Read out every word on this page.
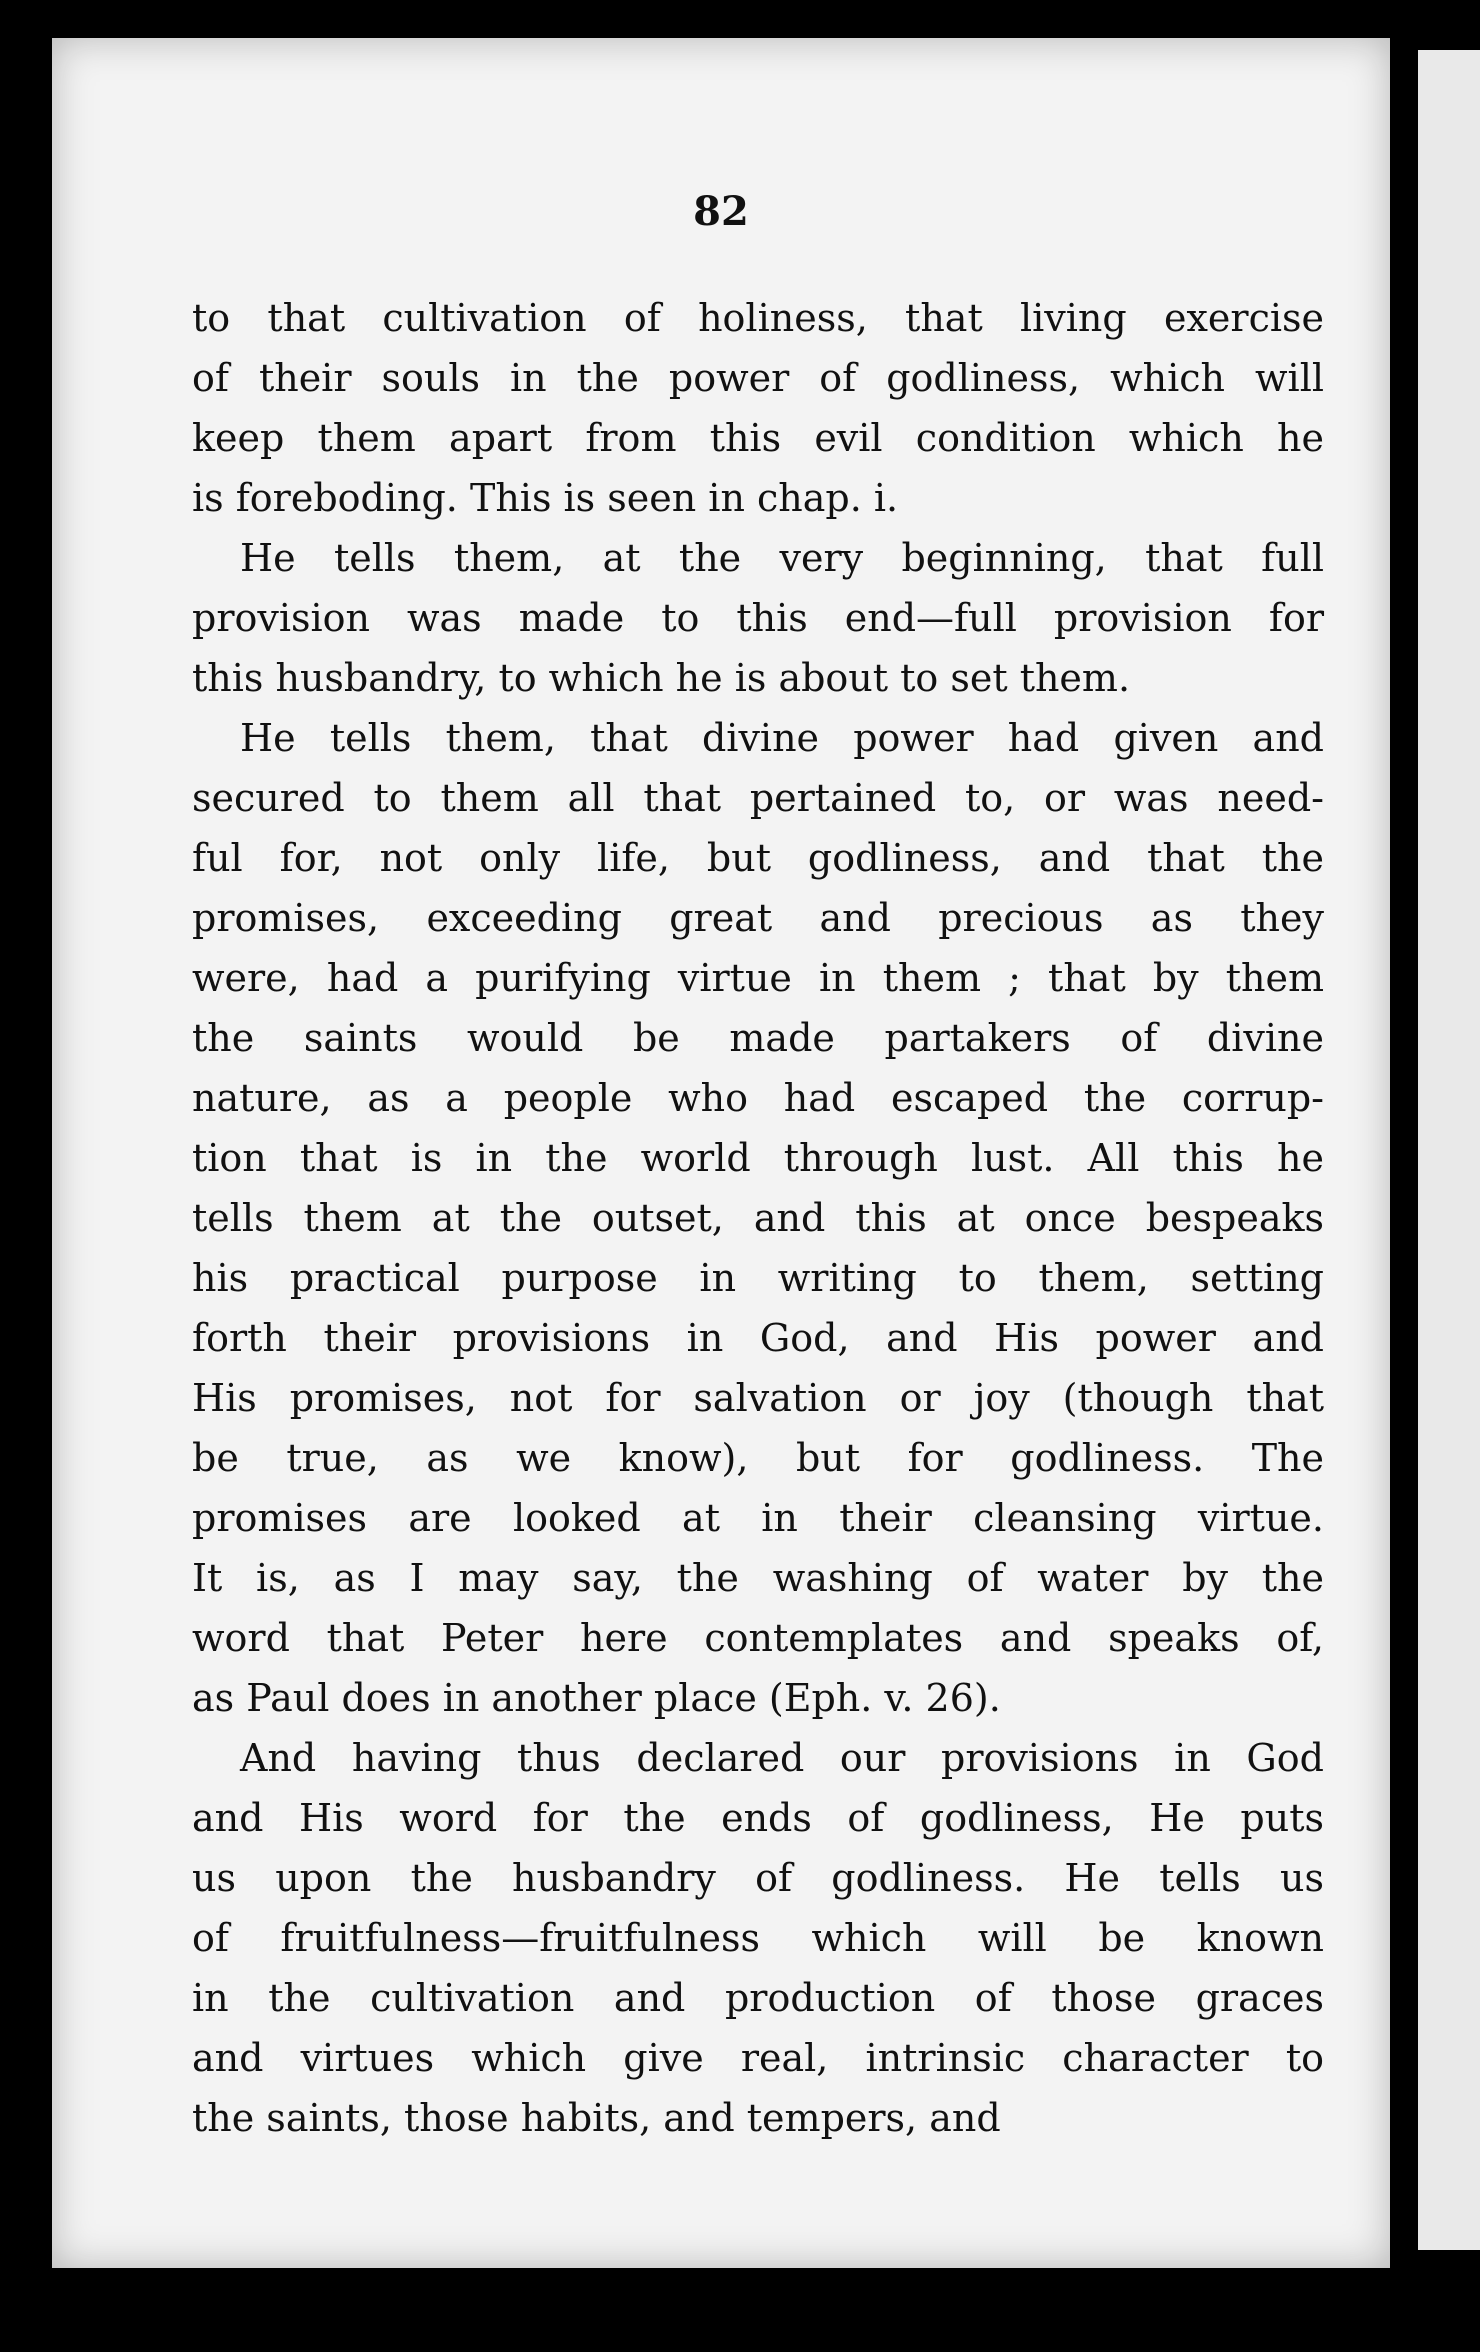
82
to that cultivation of holiness, that living exercise
of their souls in the power of godliness, which will
keep them apart from this evil condition which he
is foreboding. This is seen in chap. i.
He tells them, at the very beginning, that full
provision was made to this end—full provision for
this husbandry, to which he is about to set them.
He tells them, that divine power had given and
secured to them all that pertained to, or was need-
ful for, not only life, but godliness, and that the
promises, exceeding great and precious as they
were, had a purifying virtue in them ; that by them
the saints would be made partakers of divine
nature, as a people who had escaped the corrup-
tion that is in the world through lust. All this he
tells them at the outset, and this at once bespeaks
his practical purpose in writing to them, setting
forth their provisions in God, and His power and
His promises, not for salvation or joy (though that
be true, as we know), but for godliness. The
promises are looked at in their cleansing virtue.
It is, as I may say, the washing of water by the
word that Peter here contemplates and speaks of,
as Paul does in another place (Eph. v. 26).
And having thus declared our provisions in God
and His word for the ends of godliness, He puts
us upon the husbandry of godliness. He tells us
of fruitfulness—fruitfulness which will be known
in the cultivation and production of those graces
and virtues which give real, intrinsic character to
the saints, those habits, and tempers, and
